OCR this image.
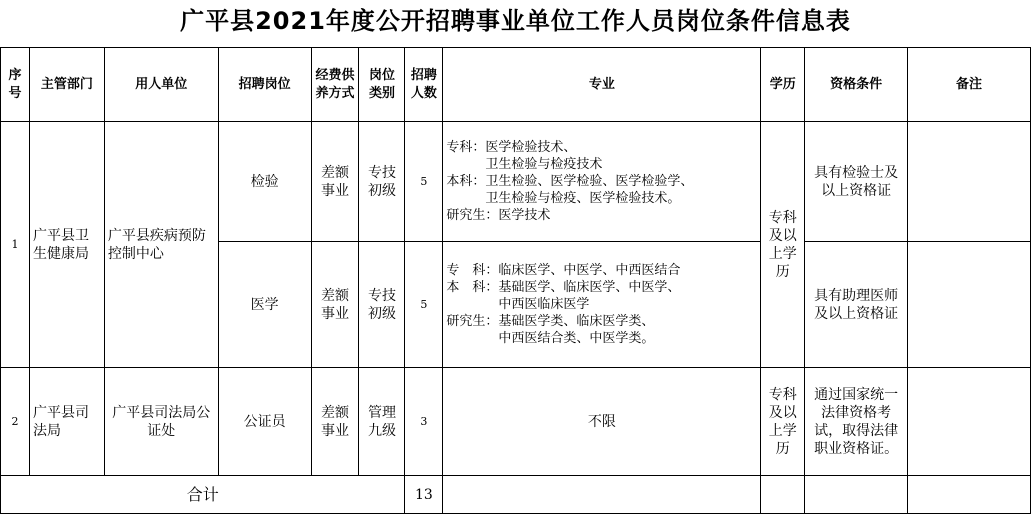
广平县2021年度公开招聘事业单位工作人员岗位条件信息表
序号	主管部门	用人单位	招聘岗位	经费供养方式	岗位类别	招聘人数	专业	学历	资格条件	备注
1	广平县卫生健康局	广平县疾病预防控制中心	检验	差额事业	专技初级	5	专科：医学检验技术、
　　　卫生检验与检疫技术
本科：卫生检验、医学检验、医学检验学、
　　　卫生检验与检疫、医学检验技术。
研究生：医学技术	专科及以上学历	具有检验士及以上资格证	
			医学	差额事业	专技初级	5	专　科：临床医学、中医学、中西医结合
本　科：基础医学、临床医学、中医学、
　　　　中西医临床医学
研究生：基础医学类、临床医学类、
　　　　中西医结合类、中医学类。		具有助理医师及以上资格证	
2	广平县司法局	广平县司法局公证处	公证员	差额事业	管理九级	3	不限	专科及以上学历	通过国家统一法律资格考试，取得法律职业资格证。	
合计						13				
